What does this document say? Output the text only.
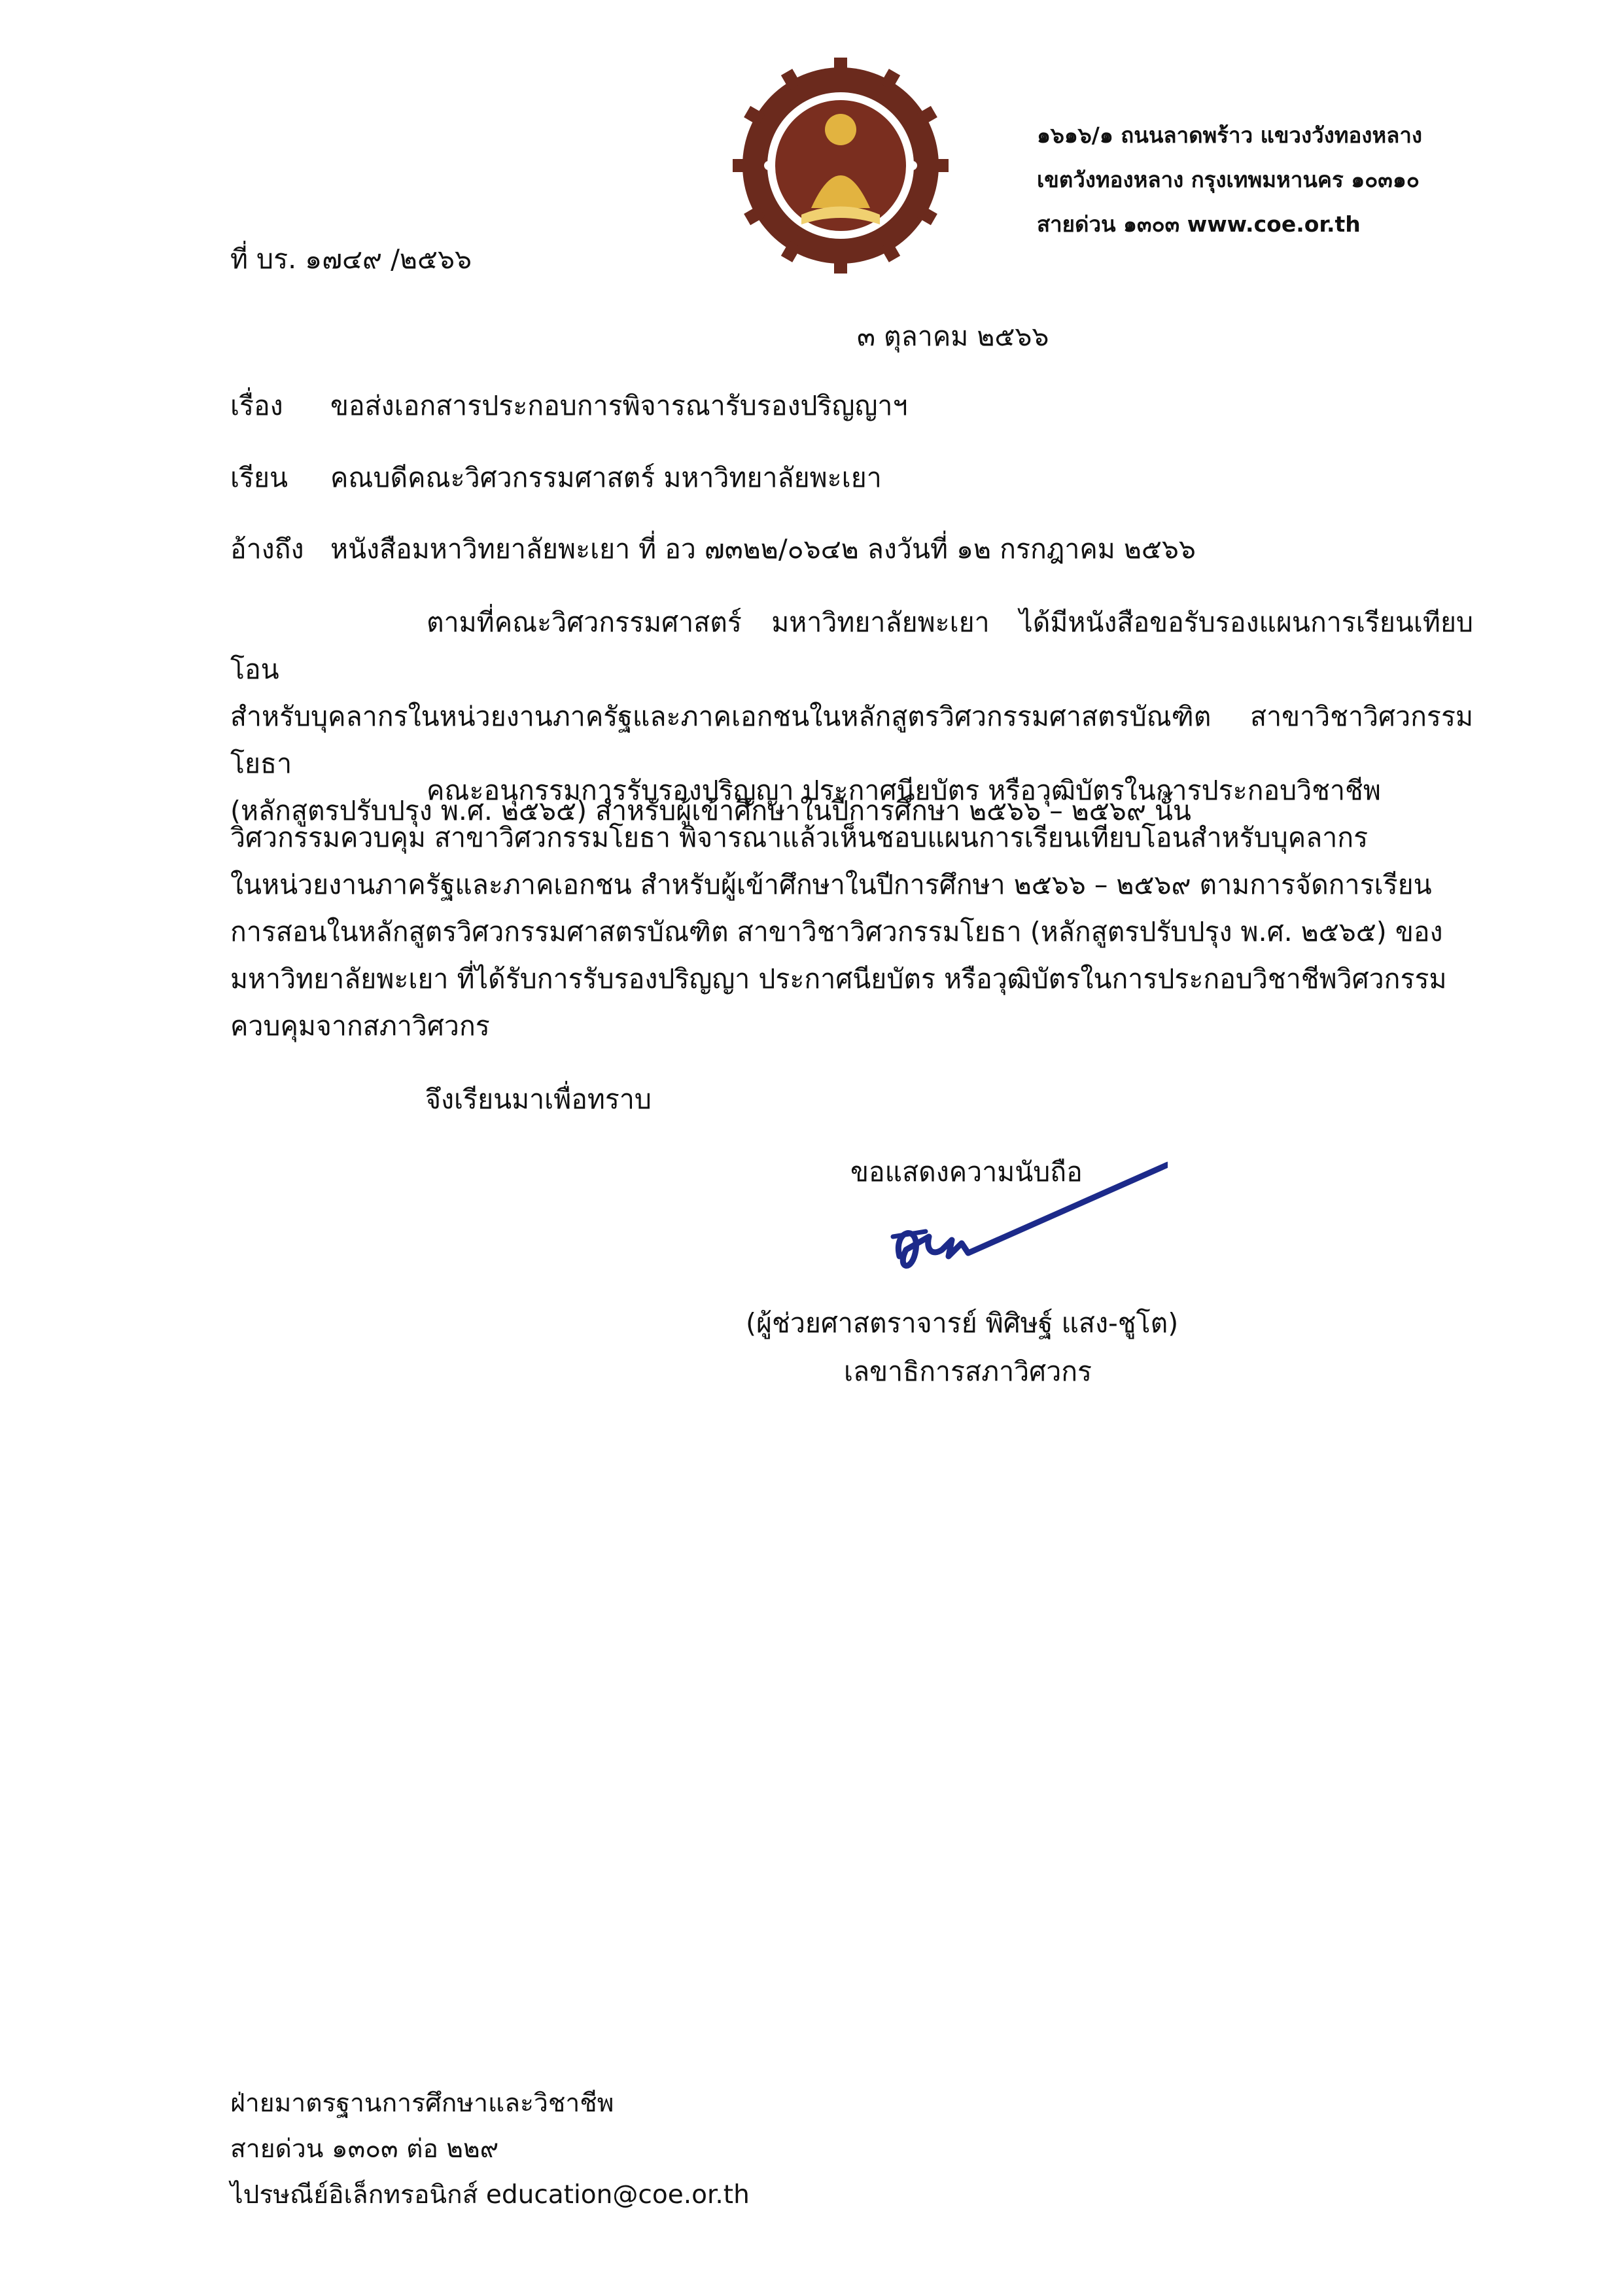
๑๖๑๖/๑ ถนนลาดพร้าว แขวงวังทองหลาง
เขตวังทองหลาง กรุงเทพมหานคร ๑๐๓๑๐
สายด่วน ๑๓๐๓ www.coe.or.th
ที่ บร. ๑๗๔๙ /๒๕๖๖
๓ ตุลาคม ๒๕๖๖
เรื่อง ขอส่งเอกสารประกอบการพิจารณารับรองปริญญาฯ
เรียน คณบดีคณะวิศวกรรมศาสตร์ มหาวิทยาลัยพะเยา
อ้างถึง หนังสือมหาวิทยาลัยพะเยา ที่ อว ๗๓๒๒/๐๖๔๒ ลงวันที่ ๑๒ กรกฎาคม ๒๕๖๖
ตามที่คณะวิศวกรรมศาสตร์ มหาวิทยาลัยพะเยา ได้มีหนังสือขอรับรองแผนการเรียนเทียบโอน
สำหรับบุคลากรในหน่วยงานภาครัฐและภาคเอกชนในหลักสูตรวิศวกรรมศาสตรบัณฑิต สาขาวิชาวิศวกรรมโยธา
(หลักสูตรปรับปรุง พ.ศ. ๒๕๖๕) สำหรับผู้เข้าศึกษาในปีการศึกษา ๒๕๖๖ – ๒๕๖๙ นั้น
คณะอนุกรรมการรับรองปริญญา ประกาศนียบัตร หรือวุฒิบัตรในการประกอบวิชาชีพ
วิศวกรรมควบคุม สาขาวิศวกรรมโยธา พิจารณาแล้วเห็นชอบแผนการเรียนเทียบโอนสำหรับบุคลากร
ในหน่วยงานภาครัฐและภาคเอกชน สำหรับผู้เข้าศึกษาในปีการศึกษา ๒๕๖๖ – ๒๕๖๙ ตามการจัดการเรียน
การสอนในหลักสูตรวิศวกรรมศาสตรบัณฑิต สาขาวิชาวิศวกรรมโยธา (หลักสูตรปรับปรุง พ.ศ. ๒๕๖๕) ของ
มหาวิทยาลัยพะเยา ที่ได้รับการรับรองปริญญา ประกาศนียบัตร หรือวุฒิบัตรในการประกอบวิชาชีพวิศวกรรม
ควบคุมจากสภาวิศวกร
จึงเรียนมาเพื่อทราบ
ขอแสดงความนับถือ
(ผู้ช่วยศาสตราจารย์ พิศิษฐ์ แสง-ชูโต)
เลขาธิการสภาวิศวกร
ฝ่ายมาตรฐานการศึกษาและวิชาชีพ
สายด่วน ๑๓๐๓ ต่อ ๒๒๙
ไปรษณีย์อิเล็กทรอนิกส์ education@coe.or.th
